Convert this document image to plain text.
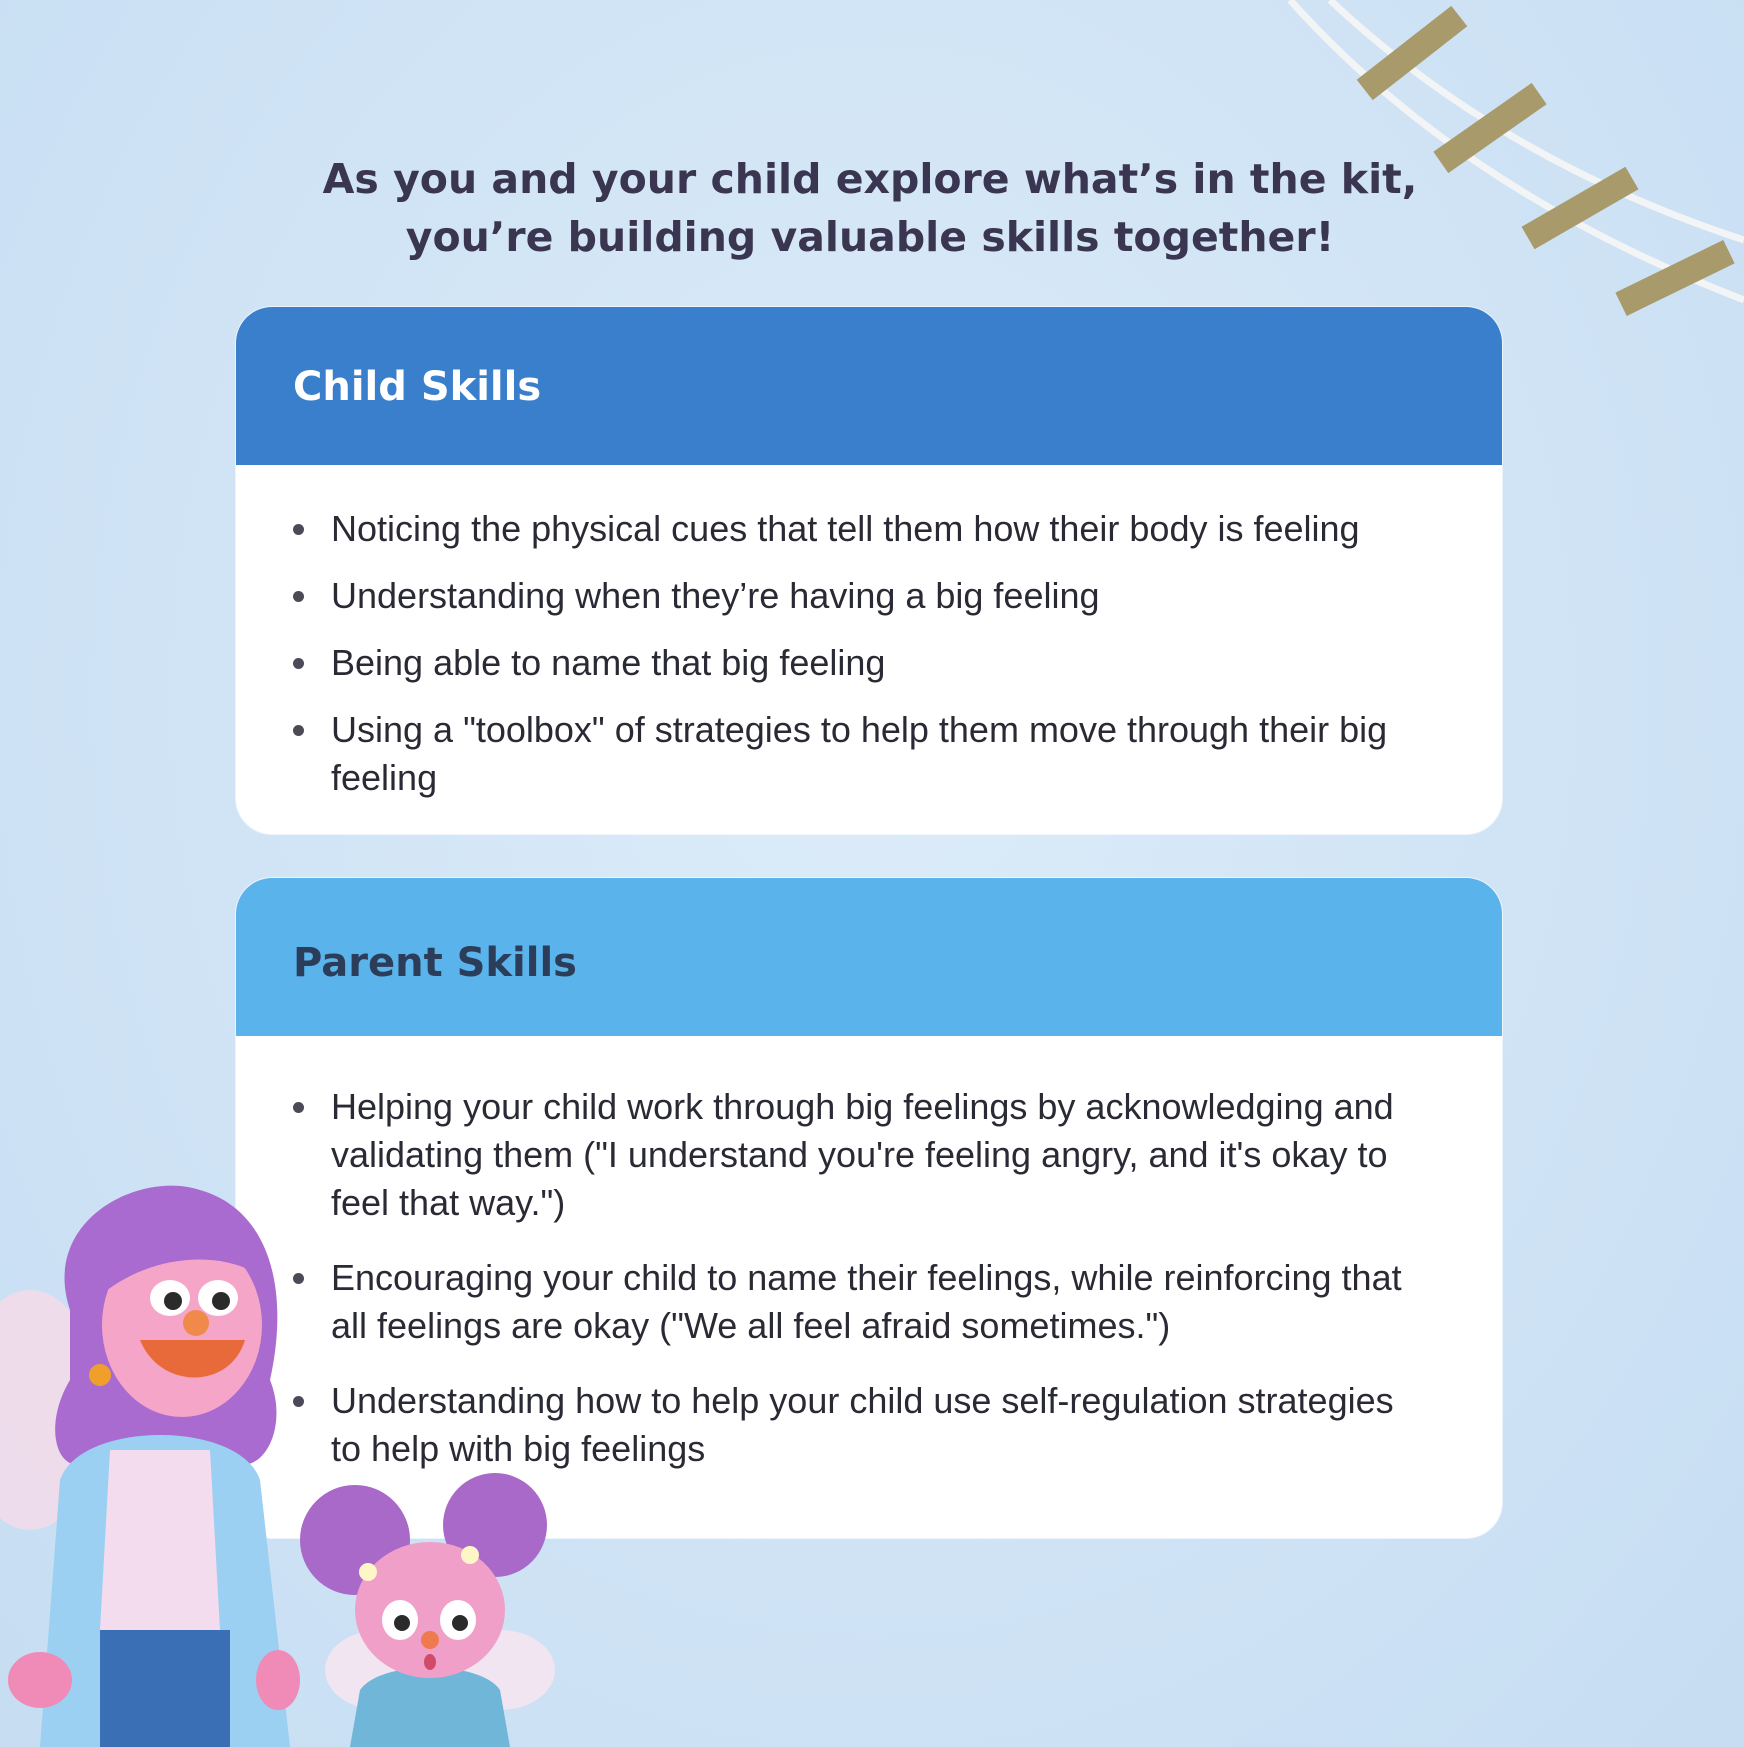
As you and your child explore what’s in the kit,
you’re building valuable skills together!
Child Skills
Noticing the physical cues that tell them how their body is feeling
Understanding when they’re having a big feeling
Being able to name that big feeling
Using a "toolbox" of strategies to help them move through their big feeling
Parent Skills
Helping your child work through big feelings by acknowledging and validating them ("I understand you're feeling angry, and it's okay to feel that way.")
Encouraging your child to name their feelings, while reinforcing that all feelings are okay ("We all feel afraid sometimes.")
Understanding how to help your child use self-regulation strategies to help with big feelings
